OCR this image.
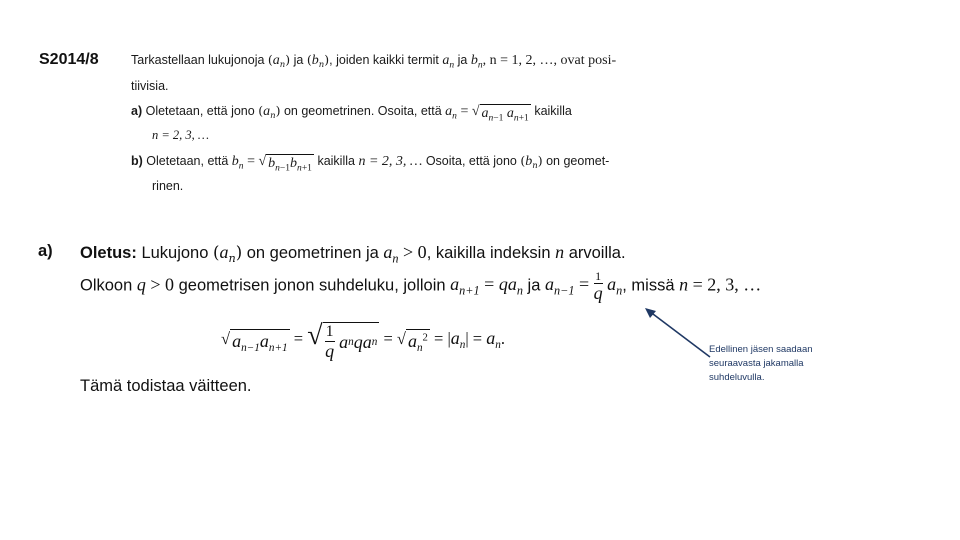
S2014/8	Tarkastellaan lukujonoja $(a_n)$ ja $(b_n)$, joiden kaikki termit $a_n$ ja $b_n$, n = 1, 2, …, ovat posi-
tiivisia.
a) Oletetaan, että jono $(a_n)$ on geometrinen. Osoita, että $a_n$ = √ $a_{n-1}$ $a_{n+1}$
kaikilla
n = 2, 3, …
b) Oletetaan, että $b_n$ = √ $b_{n-1}b_{n+1}$
kaikilla n = 2, 3, … Osoita, että jono $(b_n)$ on geomet-
rinen.
a) Oletus: Lukujono $(a_n)$ on geometrinen ja $a_n > 0$, kaikilla indeksin n arvoilla.
Olkoon q > 0 geometrisen jonon suhdeluku, jolloin $a_{n+1} = qa_n$ ja $a_{n-1} = \frac{1}{q} a_n$, missä n = 2, 3, …
√ $a_{n-1}a_{n+1}$ = √ $\frac{1}{q}$ a n qa n = √ $a_n^2 = |a_n| = a_n$.
Tämä todistaa väitteen.
Edellinen jäsen saadaan seuraavasta jakamalla suhdeluvulla.
